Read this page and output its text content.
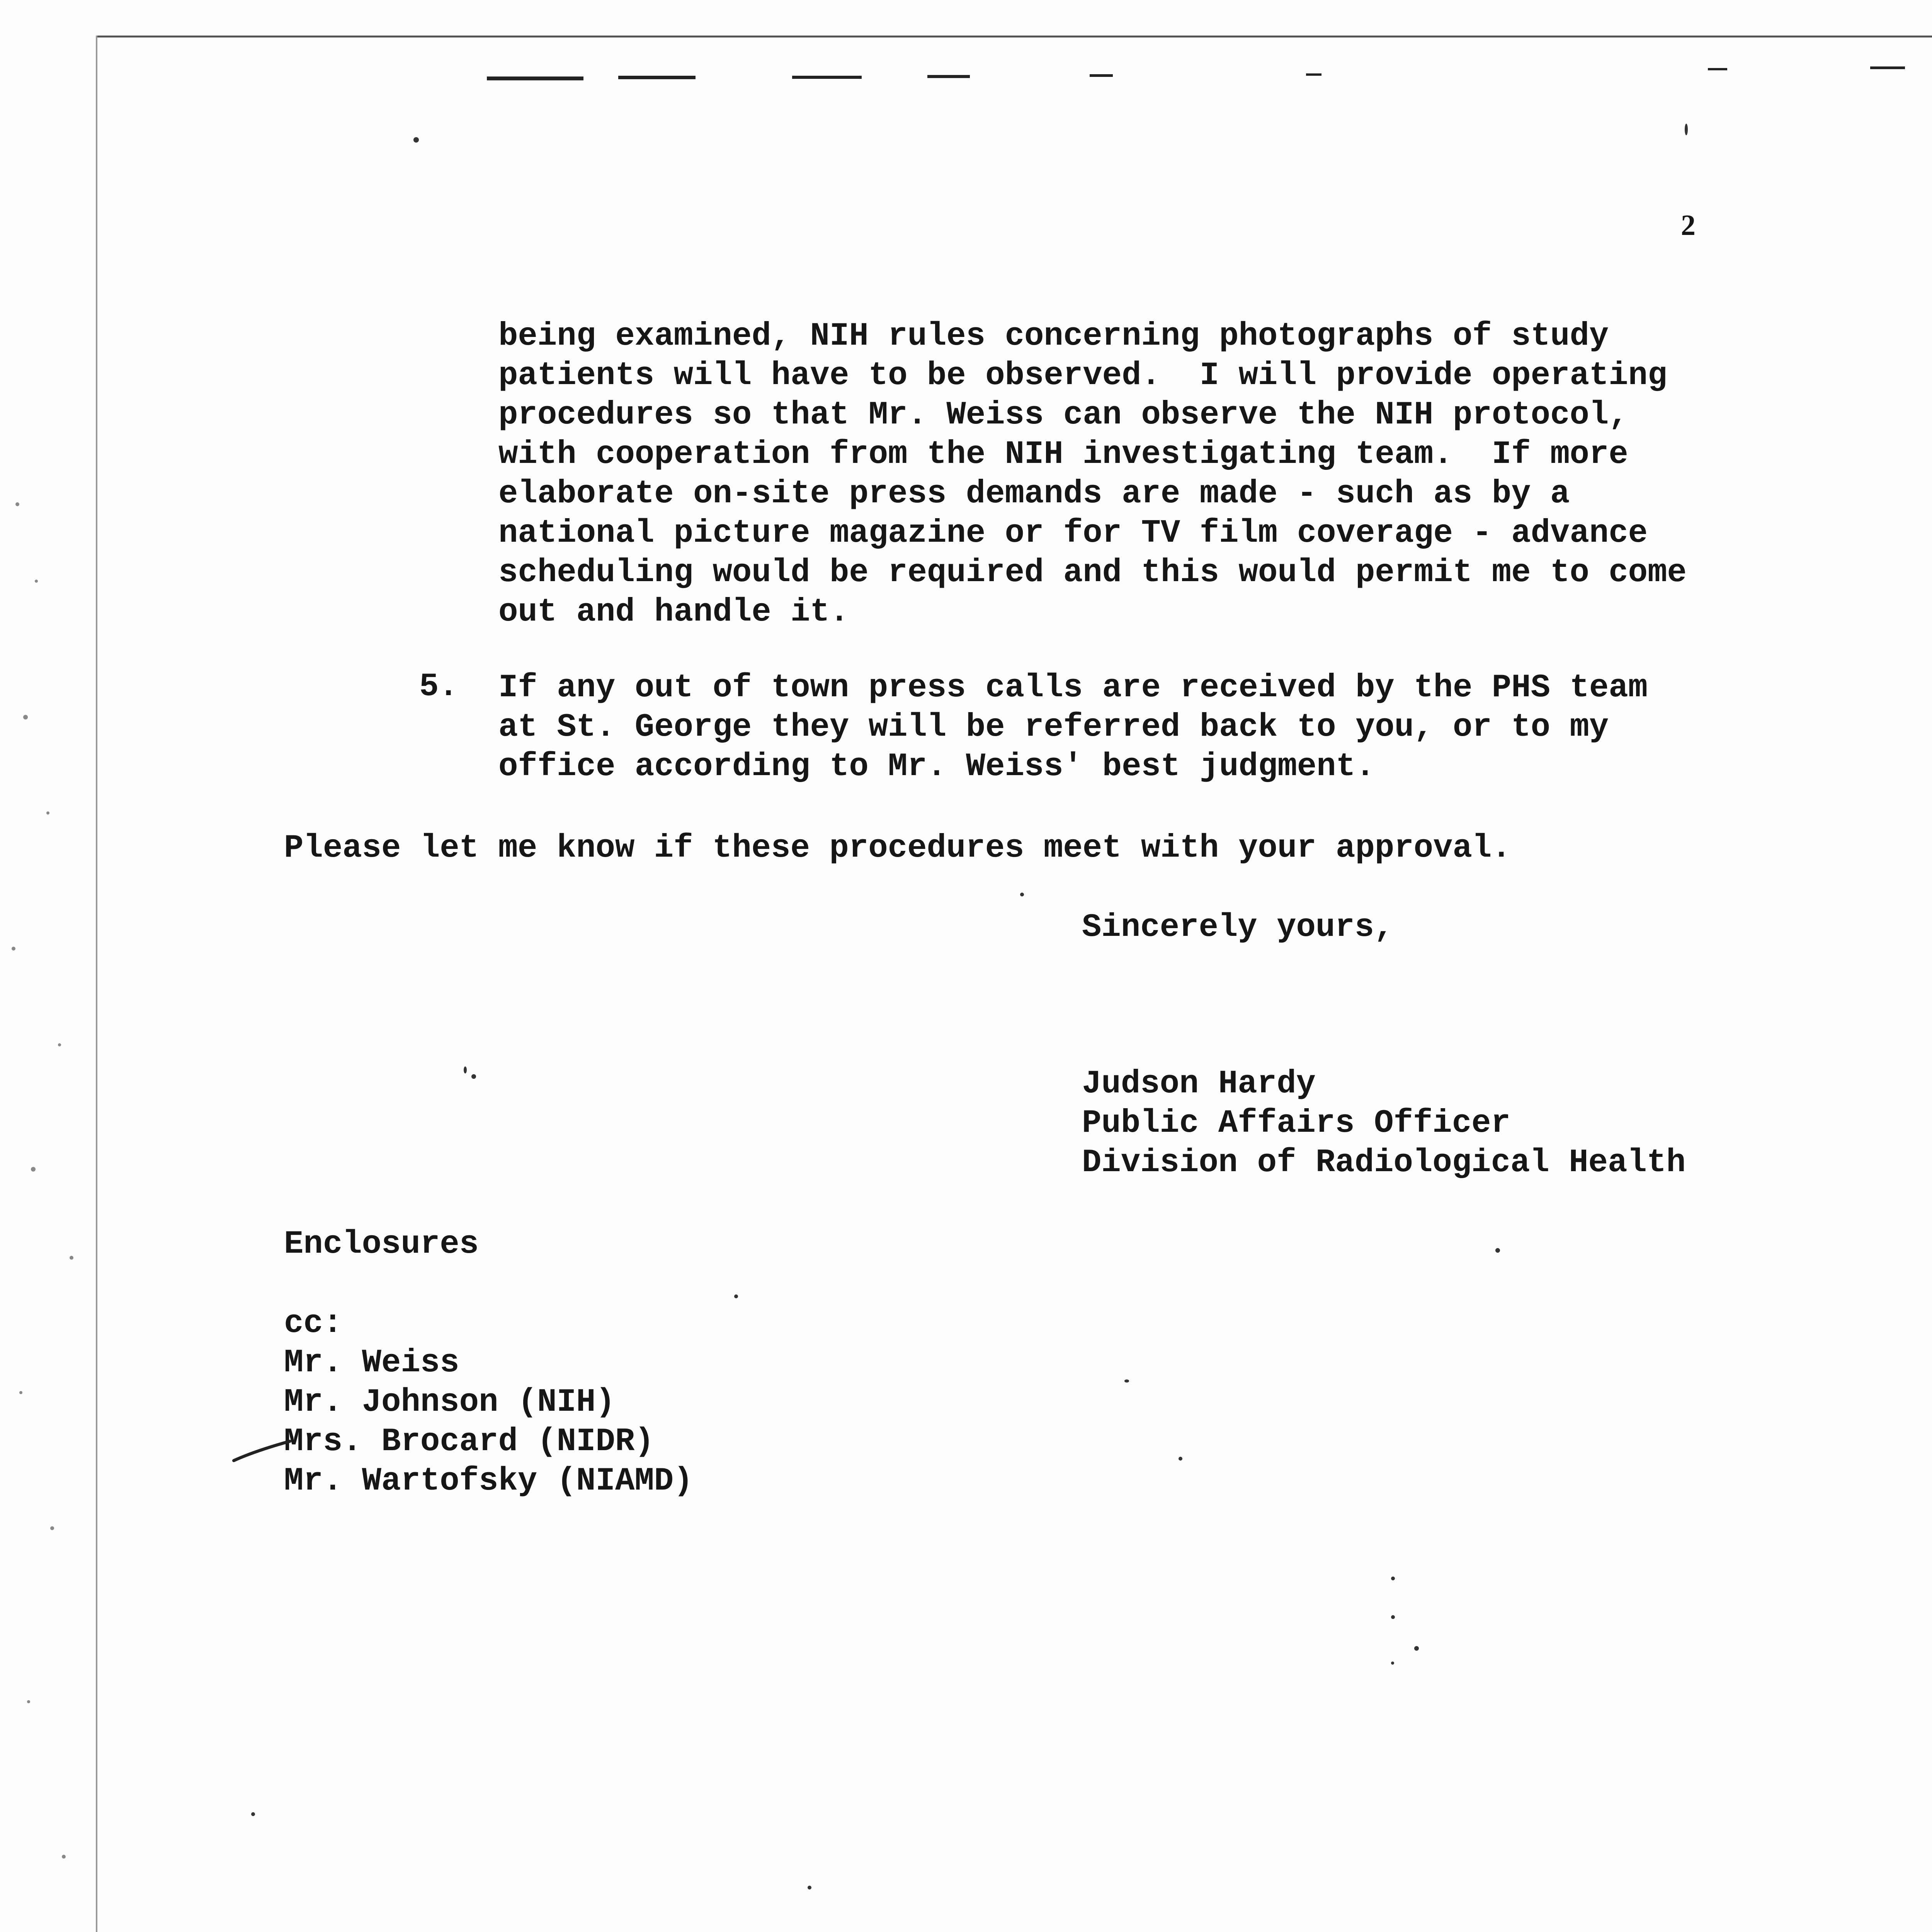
2
being examined, NIH rules concerning photographs of study
patients will have to be observed.  I will provide operating
procedures so that Mr. Weiss can observe the NIH protocol,
with cooperation from the NIH investigating team.  If more
elaborate on-site press demands are made - such as by a
national picture magazine or for TV film coverage - advance
scheduling would be required and this would permit me to come
out and handle it.
5. If any out of town press calls are received by the PHS team
at St. George they will be referred back to you, or to my
office according to Mr. Weiss' best judgment.
Please let me know if these procedures meet with your approval.
Sincerely yours,
Judson Hardy
Public Affairs Officer
Division of Radiological Health
Enclosures
cc:
Mr. Weiss
Mr. Johnson (NIH)
Mrs. Brocard (NIDR)
Mr. Wartofsky (NIAMD)
